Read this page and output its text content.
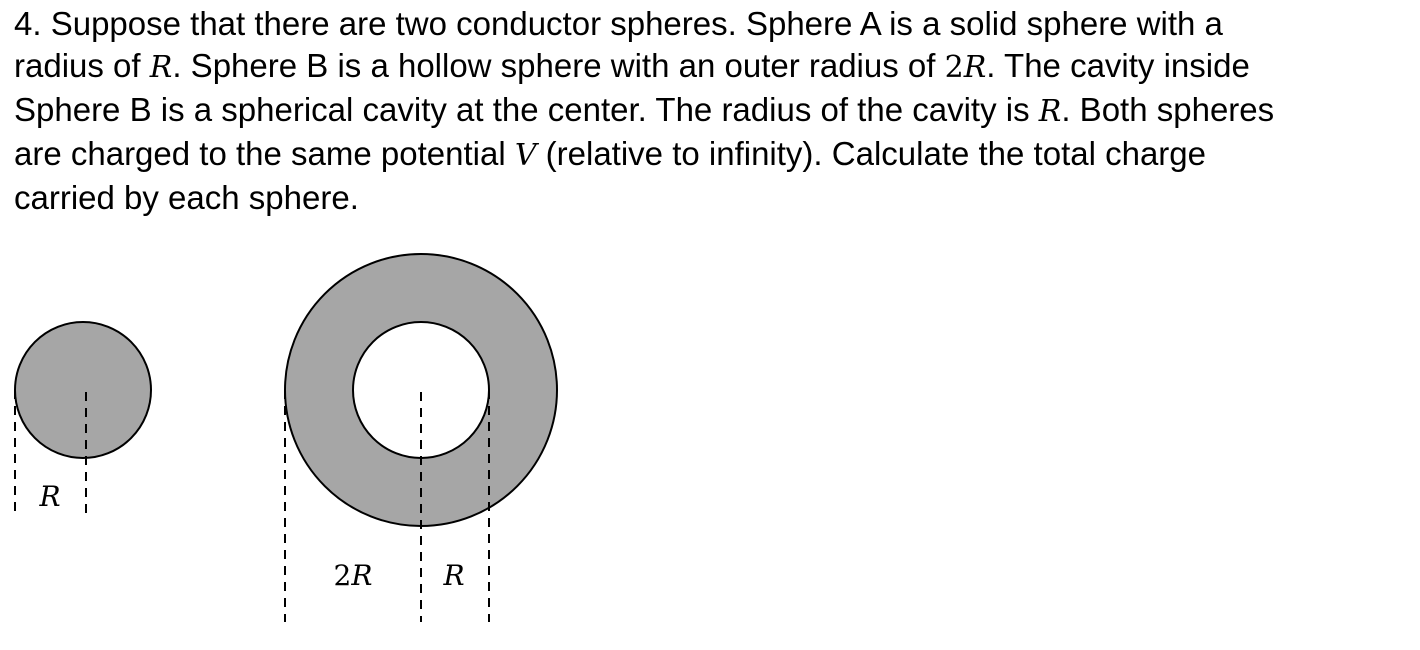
4. Suppose that there are two conductor spheres. Sphere A is a solid sphere with a
radius of R. Sphere B is a hollow sphere with an outer radius of 2R. The cavity inside
Sphere B is a spherical cavity at the center. The radius of the cavity is R. Both spheres
are charged to the same potential V (relative to infinity). Calculate the total charge
carried by each sphere.
R
2R	R
